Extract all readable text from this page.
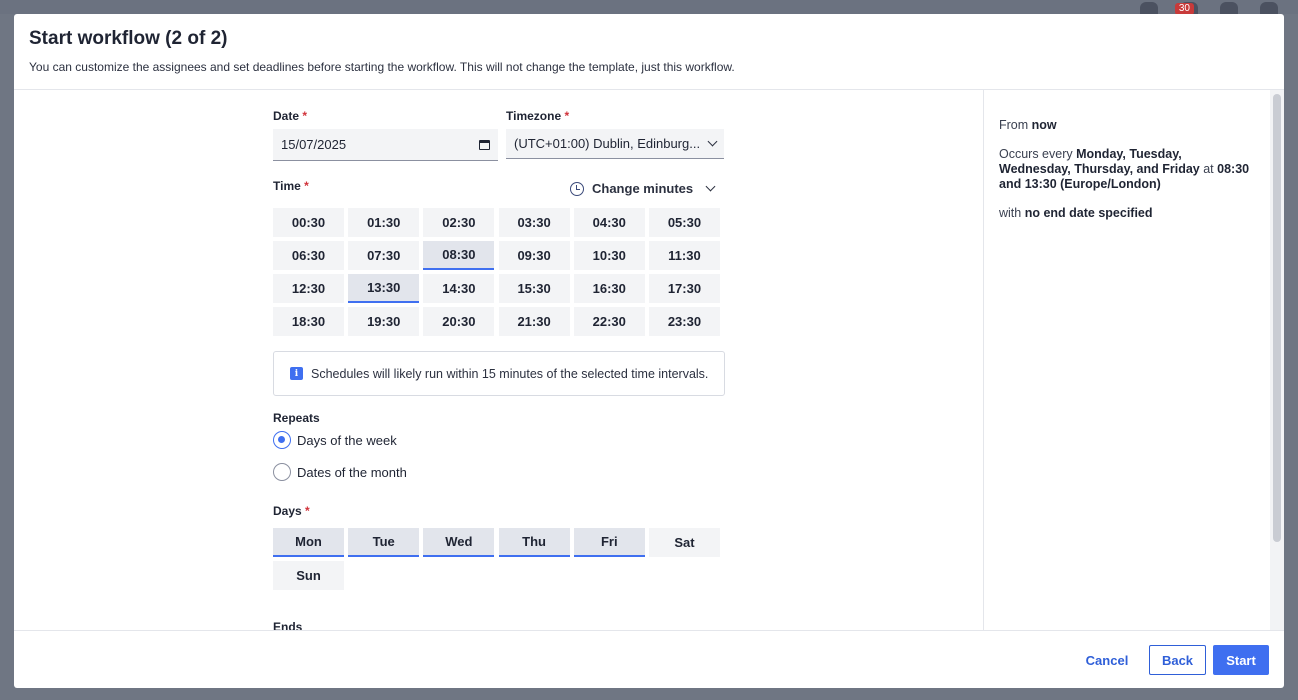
30
Start workflow (2 of 2)
You can customize the assignees and set deadlines before starting the workflow. This will not change the template, just this workflow.
Date *	Timezone *
15/07/2025	(UTC+01:00) Dublin, Edinburg...
Time *	Change minutes
00:30	01:30	02:30	03:30	04:30	05:30
06:30	07:30	08:30	09:30	10:30	11:30
12:30	13:30	14:30	15:30	16:30	17:30
18:30	19:30	20:30	21:30	22:30	23:30
i	Schedules will likely run within 15 minutes of the selected time intervals.
Repeats
Days of the week
Dates of the month
Days *
Mon	Tue	Wed	Thu	Fri	Sat
Sun
Ends

From now

Occurs every Monday, Tuesday, Wednesday, Thursday, and Friday at 08:30 and 13:30 (Europe/London)

with no end date specified

Cancel	Back	Start
